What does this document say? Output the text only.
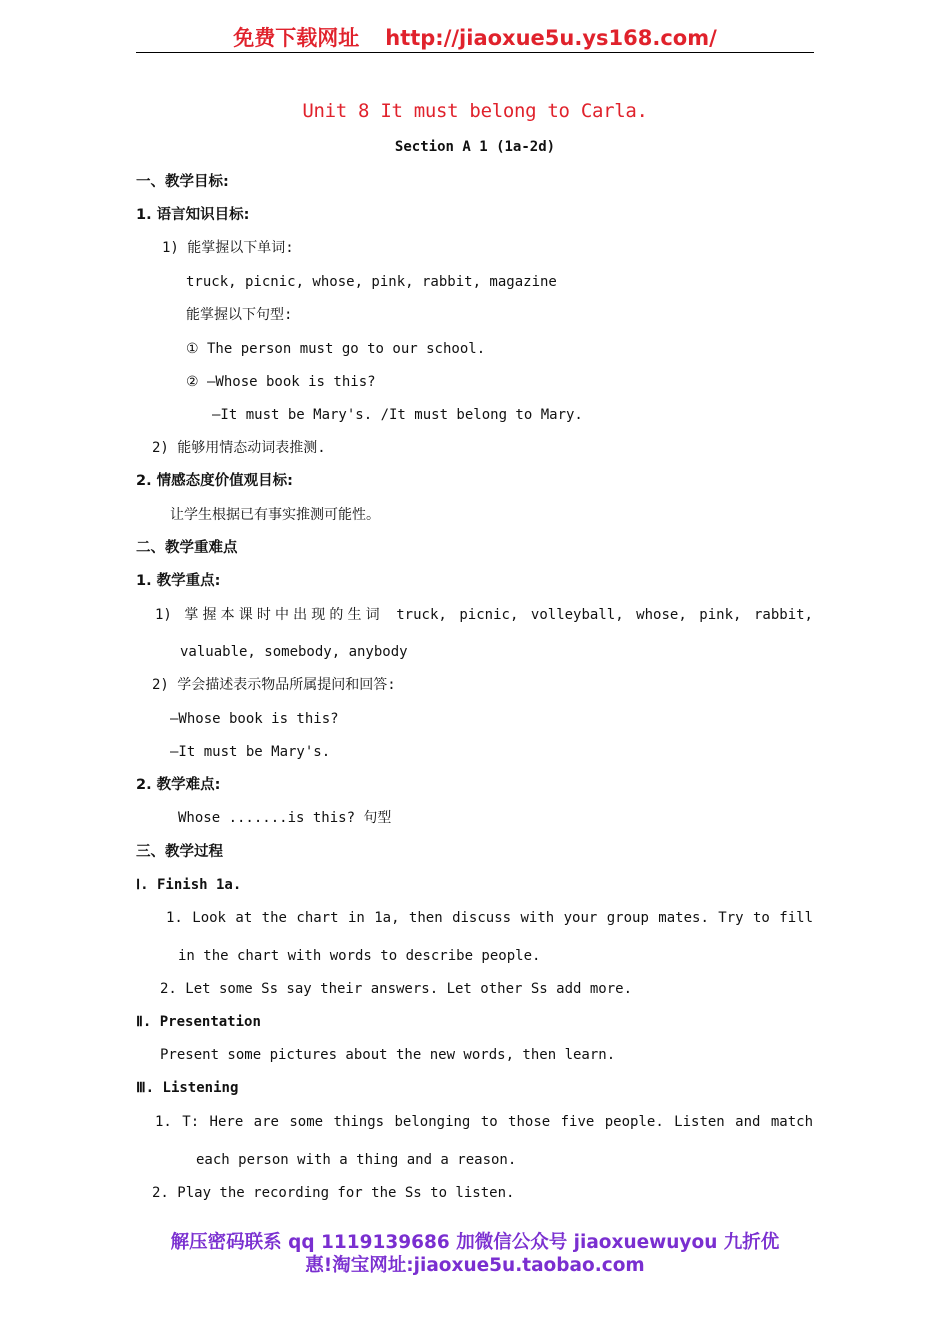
免费下载网址 http://jiaoxue5u.ys168.com/
Unit 8 It must belong to Carla.
Section A 1 (1a-2d)
一、教学目标:
1. 语言知识目标:
1) 能掌握以下单词:
truck, picnic, whose, pink, rabbit, magazine
能掌握以下句型:
① The person must go to our school.
② —Whose book is this?
—It must be Mary's. /It must belong to Mary.
2) 能够用情态动词表推测.
2. 情感态度价值观目标:
让学生根据已有事实推测可能性。
二、教学重难点
1. 教学重点:
1) 掌握本课时中出现的生词 truck, picnic, volleyball, whose, pink, rabbit,
valuable, somebody, anybody
2) 学会描述表示物品所属提问和回答:
—Whose book is this?
—It must be Mary's.
2. 教学难点:
Whose .......is this? 句型
三、教学过程
Ⅰ. Finish 1a.
1. Look at the chart in 1a, then discuss with your group mates. Try to fill
in the chart with words to describe people.
2. Let some Ss say their answers. Let other Ss add more.
Ⅱ. Presentation
Present some pictures about the new words, then learn.
Ⅲ. Listening
1. T: Here are some things belonging to those five people. Listen and match
each person with a thing and a reason.
2. Play the recording for the Ss to listen.
解压密码联系 qq 1119139686 加微信公众号 jiaoxuewuyou 九折优
惠!淘宝网址:jiaoxue5u.taobao.com
